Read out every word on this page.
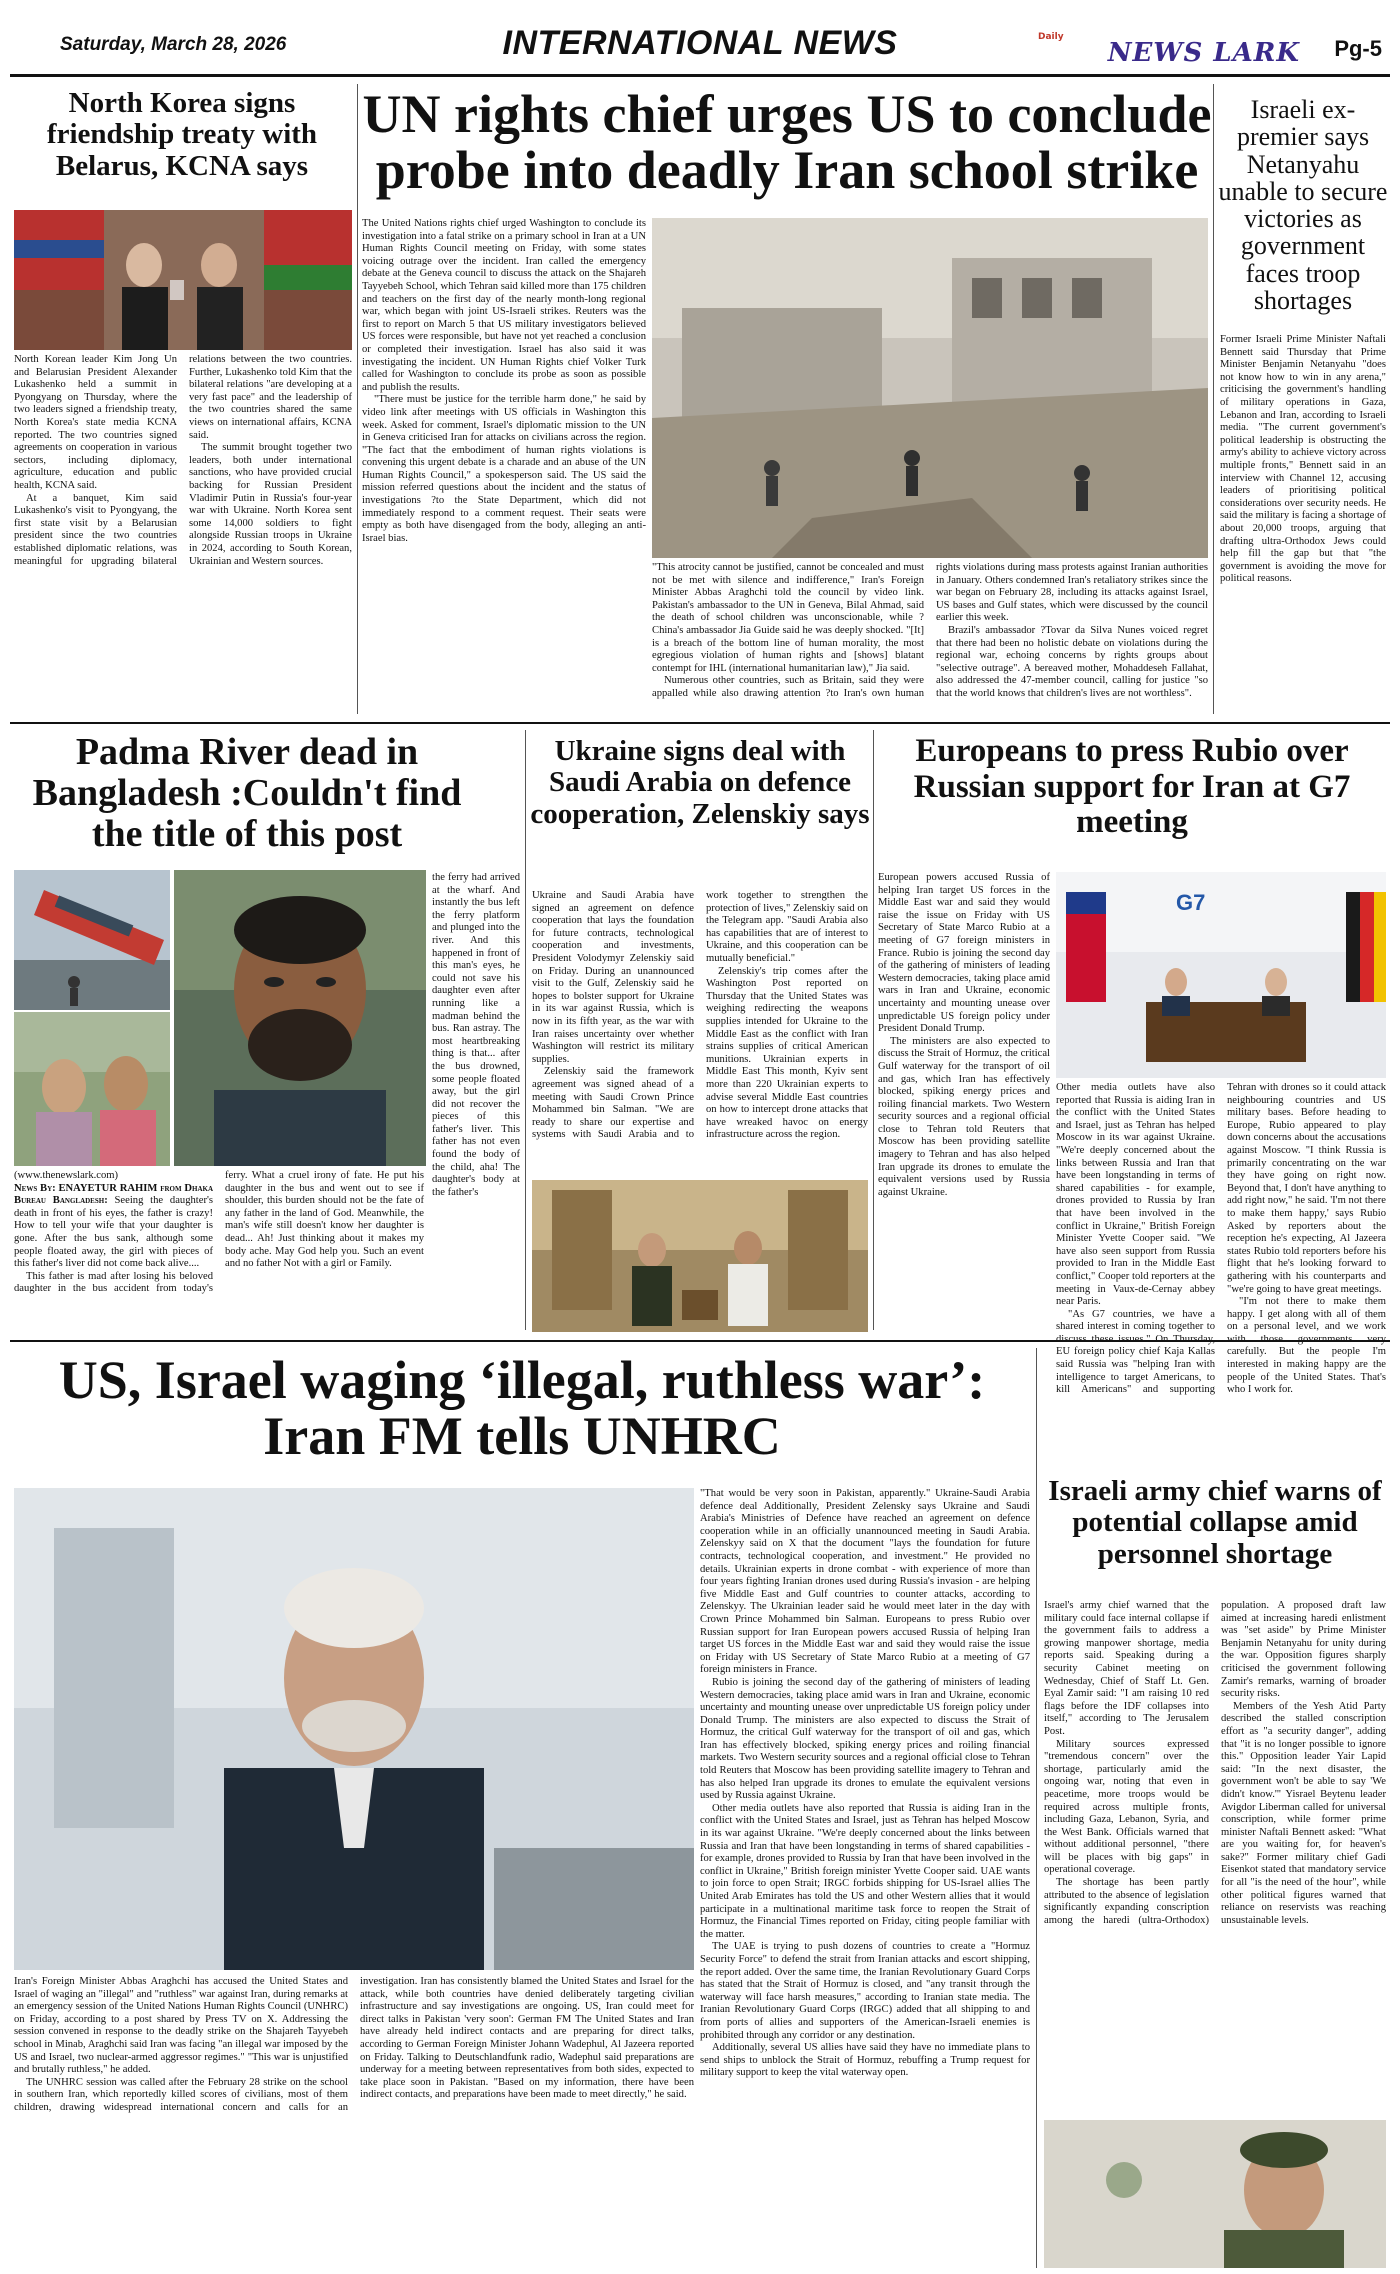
Saturday, March 28, 2026	INTERNATIONAL NEWS	Daily
NEWS LARK	Pg-5
North Korea signs friendship treaty with Belarus, KCNA says

North Korean leader Kim Jong Un and Belarusian President Alexander Lukashenko held a summit in Pyongyang on Thursday, where the two leaders signed a friendship treaty, North Korea's state media KCNA reported. The two countries signed agreements on cooperation in various sectors, including diplomacy, agriculture, education and public health, KCNA said.

At a banquet, Kim said Lukashenko's visit to Pyongyang, the first state visit by a Belarusian president since the two countries established diplomatic relations, was meaningful for upgrading bilateral relations between the two countries. Further, Lukashenko told Kim that the bilateral relations "are developing at a very fast pace" and the leadership of the two countries shared the same views on international affairs, KCNA said.

The summit brought together two leaders, both under international sanctions, who have provided crucial backing for Russian President Vladimir Putin in Russia's four-year war with Ukraine. North Korea sent some 14,000 soldiers to fight alongside Russian troops in Ukraine in 2024, according to South Korean, Ukrainian and Western sources.

UN rights chief urges US to conclude probe into deadly Iran school strike

The United Nations rights chief urged Washington to conclude its investigation into a fatal strike on a primary school in Iran at a UN Human Rights Council meeting on Friday, with some states voicing outrage over the incident. Iran called the emergency debate at the Geneva council to discuss the attack on the Shajareh Tayyebeh School, which Tehran said killed more than 175 children and teachers on the first day of the nearly month-long regional war, which began with joint US-Israeli strikes. Reuters was the first to report on March 5 that US military investigators believed US forces were responsible, but have not yet reached a conclusion or completed their investigation. Israel has also said it was investigating the incident. UN Human Rights chief Volker Turk called for Washington to conclude its probe as soon as possible and publish the results.

"There must be justice for the terrible harm done," he said by video link after meetings with US officials in Washington this week. Asked for comment, Israel's diplomatic mission to the UN in Geneva criticised Iran for attacks on civilians across the region. "The fact that the embodiment of human rights violations is convening this urgent debate is a charade and an abuse of the UN Human Rights Council," a spokesperson said. The US said the mission referred questions about the incident and the status of investigations ?to the State Department, which did not immediately respond to a comment request. Their seats were empty as both have disengaged from the body, alleging an anti-Israel bias.

"This atrocity cannot be justified, cannot be concealed and must not be met with silence and indifference," Iran's Foreign Minister Abbas Araghchi told the council by video link. Pakistan's ambassador to the UN in Geneva, Bilal Ahmad, said the death of school children was unconscionable, while ?China's ambassador Jia Guide said he was deeply shocked. "[It] is a breach of the bottom line of human morality, the most egregious violation of human rights and [shows] blatant contempt for IHL (international humanitarian law)," Jia said.

Numerous other countries, such as Britain, said they were appalled while also drawing attention ?to Iran's own human rights violations during mass protests against Iranian authorities in January. Others condemned Iran's retaliatory strikes since the war began on February 28, including its attacks against Israel, US bases and Gulf states, which were discussed by the council earlier this week.

Brazil's ambassador ?Tovar da Silva Nunes voiced regret that there had been no holistic debate on violations during the regional war, echoing concerns by rights groups about "selective outrage". A bereaved mother, Mohaddeseh Fallahat, also addressed the 47-member council, calling for justice "so that the world knows that children's lives are not worthless".

Israeli ex-premier says Netanyahu unable to secure victories as government faces troop shortages

Former Israeli Prime Minister Naftali Bennett said Thursday that Prime Minister Benjamin Netanyahu "does not know how to win in any arena," criticising the government's handling of military operations in Gaza, Lebanon and Iran, according to Israeli media. "The current government's political leadership is obstructing the army's ability to achieve victory across multiple fronts," Bennett said in an interview with Channel 12, accusing leaders of prioritising political considerations over security needs. He said the military is facing a shortage of about 20,000 troops, arguing that drafting ultra-Orthodox Jews could help fill the gap but that "the government is avoiding the move for political reasons.

Padma River dead in Bangladesh :Couldn't find the title of this post

the ferry had arrived at the wharf. And instantly the bus left the ferry platform and plunged into the river. And this happened in front of this man's eyes, he could not save his daughter even after running like a madman behind the bus. Ran astray. The most heartbreaking thing is that... after the bus drowned, some people floated away, but the girl did not recover the pieces of this father's liver. This father has not even found the body of the child, aha! The daughter's body at the father's

(www.thenewslark.com)

News By: ENAYETUR RAHIM from Dhaka Bureau Bangladesh: Seeing the daughter's death in front of his eyes, the father is crazy! How to tell your wife that your daughter is gone. After the bus sank, although some people floated away, the girl with pieces of this father's liver did not come back alive....

This father is mad after losing his beloved daughter in the bus accident from today's ferry. What a cruel irony of fate. He put his daughter in the bus and went out to see if shoulder, this burden should not be the fate of any father in the land of God. Meanwhile, the man's wife still doesn't know her daughter is dead... Ah! Just thinking about it makes my body ache. May God help you. Such an event and no father Not with a girl or Family.

Ukraine signs deal with Saudi Arabia on defence cooperation, Zelenskiy says

Ukraine and Saudi Arabia have signed an agreement on defence cooperation that lays the foundation for future contracts, technological cooperation and investments, President Volodymyr Zelenskiy said on Friday. During an unannounced visit to the Gulf, Zelenskiy said he hopes to bolster support for Ukraine in its war against Russia, which is now in its fifth year, as the war with Iran raises uncertainty over whether Washington will restrict its military supplies.

Zelenskiy said the framework agreement was signed ahead of a meeting with Saudi Crown Prince Mohammed bin Salman. "We are ready to share our expertise and systems with Saudi Arabia and to work together to strengthen the protection of lives," Zelenskiy said on the Telegram app. "Saudi Arabia also has capabilities that are of interest to Ukraine, and this cooperation can be mutually beneficial."

Zelenskiy's trip comes after the Washington Post reported on Thursday that the United States was weighing redirecting the weapons supplies intended for Ukraine to the Middle East as the conflict with Iran strains supplies of critical American munitions. Ukrainian experts in Middle East This month, Kyiv sent more than 220 Ukrainian experts to advise several Middle East countries on how to intercept drone attacks that have wreaked havoc on energy infrastructure across the region.

Europeans to press Rubio over Russian support for Iran at G7 meeting

European powers accused Russia of helping Iran target US forces in the Middle East war and said they would raise the issue on Friday with US Secretary of State Marco Rubio at a meeting of G7 foreign ministers in France. Rubio is joining the second day of the gathering of ministers of leading Western democracies, taking place amid wars in Iran and Ukraine, economic uncertainty and mounting unease over unpredictable US foreign policy under President Donald Trump.

The ministers are also expected to discuss the Strait of Hormuz, the critical Gulf waterway for the transport of oil and gas, which Iran has effectively blocked, spiking energy prices and roiling financial markets. Two Western security sources and a regional official close to Tehran told Reuters that Moscow has been providing satellite imagery to Tehran and has also helped Iran upgrade its drones to emulate the equivalent versions used by Russia against Ukraine.

G7

Other media outlets have also reported that Russia is aiding Iran in the conflict with the United States and Israel, just as Tehran has helped Moscow in its war against Ukraine. "We're deeply concerned about the links between Russia and Iran that have been longstanding in terms of shared capabilities - for example, drones provided to Russia by Iran that have been involved in the conflict in Ukraine," British Foreign Minister Yvette Cooper said. "We have also seen support from Russia provided to Iran in the Middle East conflict," Cooper told reporters at the meeting in Vaux-de-Cernay abbey near Paris.

"As G7 countries, we have a shared interest in coming together to EU foreign policy chief Kaja Kallas said Russia was "helping Iran with intelligence to target Americans, to kill Americans" and supporting Tehran with drones so it could attack neighbouring countries and US military bases. Before heading to Europe, Rubio appeared to play down concerns about the accusations against Moscow. "I think Russia is primarily concentrating on the war they have going on right now. Beyond that, I don't have anything to add right now," he said. 'I'm not there to make them happy,' says Rubio Asked by reporters about the reception he's expecting, Al Jazeera states Rubio told reporters before his flight that he's looking forward to gathering with his counterparts and "we're going to have great meetings.

"I'm not there to make them happy. I get along with all of them on a personal level, and we work carefully. But the people I'm interested in making happy are the people of the United States. That's who I work for.

US, Israel waging ‘illegal, ruthless war’: Iran FM tells UNHRC

Iran's Foreign Minister Abbas Araghchi has accused the United States and Israel of waging an "illegal" and "ruthless" war against Iran, during remarks at an emergency session of the United Nations Human Rights Council (UNHRC) on Friday, according to a post shared by Press TV on X. Addressing the session convened in response to the deadly strike on the Shajareh Tayyebeh school in Minab, Araghchi said Iran was facing "an illegal war imposed by the US and Israel, two nuclear-armed aggressor regimes." "This war is unjustified and brutally ruthless," he added.

The UNHRC session was called after the February 28 strike on the school in southern Iran, which reportedly killed scores of civilians, most of them children, drawing widespread international concern and calls for an investigation. Iran has consistently blamed the United States and Israel for the attack, while both countries have denied deliberately targeting civilian infrastructure and say investigations are ongoing. US, Iran could meet for direct talks in Pakistan 'very soon': German FM The United States and Iran have already held indirect contacts and are preparing for direct talks, according to German Foreign Minister Johann Wadephul, Al Jazeera reported on Friday. Talking to Deutschlandfunk radio, Wadephul said preparations are underway for a meeting between representatives from both sides, expected to take place soon in Pakistan. "Based on my information, there have been indirect contacts, and preparations have been made to meet directly," he said.

"That would be very soon in Pakistan, apparently." Ukraine-Saudi Arabia defence deal Additionally, President Zelensky says Ukraine and Saudi Arabia's Ministries of Defence have reached an agreement on defence cooperation while in an officially unannounced meeting in Saudi Arabia. Zelenskyy said on X that the document "lays the foundation for future contracts, technological cooperation, and investment." He provided no details. Ukrainian experts in drone combat - with experience of more than four years fighting Iranian drones used during Russia's invasion - are helping five Middle East and Gulf countries to counter attacks, according to Zelenskyy. The Ukrainian leader said he would meet later in the day with Crown Prince Mohammed bin Salman. Europeans to press Rubio over Russian support for Iran European powers accused Russia of helping Iran target US forces in the Middle East war and said they would raise the issue on Friday with US Secretary of State Marco Rubio at a meeting of G7 foreign ministers in France.

Rubio is joining the second day of the gathering of ministers of leading Western democracies, taking place amid wars in Iran and Ukraine, economic uncertainty and mounting unease over unpredictable US foreign policy under Donald Trump. The ministers are also expected to discuss the Strait of Hormuz, the critical Gulf waterway for the transport of oil and gas, which Iran has effectively blocked, spiking energy prices and roiling financial markets. Two Western security sources and a regional official close to Tehran told Reuters that Moscow has been providing satellite imagery to Tehran and has also helped Iran upgrade its drones to emulate the equivalent versions used by Russia against Ukraine.

Other media outlets have also reported that Russia is aiding Iran in the conflict with the United States and Israel, just as Tehran has helped Moscow in its war against Ukraine. "We're deeply concerned about the links between Russia and Iran that have been longstanding in terms of shared capabilities - for example, drones provided to Russia by Iran that have been involved in the conflict in Ukraine," British foreign minister Yvette Cooper said. UAE wants to join force to open Strait; IRGC forbids shipping for US-Israel allies The United Arab Emirates has told the US and other Western allies that it would participate in a multinational maritime task force to reopen the Strait of Hormuz, the Financial Times reported on Friday, citing people familiar with the matter.

The UAE is trying to push dozens of countries to create a "Hormuz Security Force" to defend the strait from Iranian attacks and escort shipping, the report added. Over the same time, the Iranian Revolutionary Guard Corps has stated that the Strait of Hormuz is closed, and "any transit through the waterway will face harsh measures," according to Iranian state media. The Iranian Revolutionary Guard Corps (IRGC) added that all shipping to and from ports of allies and supporters of the American-Israeli enemies is prohibited through any corridor or any destination.

Additionally, several US allies have said they have no immediate plans to send ships to unblock the Strait of Hormuz, rebuffing a Trump request for military support to keep the vital waterway open.

Israeli army chief warns of potential collapse amid personnel shortage

Israel's army chief warned that the military could face internal collapse if the government fails to address a growing manpower shortage, media reports said. Speaking during a security Cabinet meeting on Wednesday, Chief of Staff Lt. Gen. Eyal Zamir said: "I am raising 10 red flags before the IDF collapses into itself," according to The Jerusalem Post.

Military sources expressed "tremendous concern" over the shortage, particularly amid the ongoing war, noting that even in peacetime, more troops would be required across multiple fronts, including Gaza, Lebanon, Syria, and the West Bank. Officials warned that without additional personnel, "there will be places with big gaps" in operational coverage.

The shortage has been partly attributed to the absence of legislation significantly expanding conscription among the haredi (ultra-Orthodox) population. A proposed draft law aimed at increasing haredi enlistment was "set aside" by Prime Minister Benjamin Netanyahu for unity during the war. Opposition figures sharply criticised the government following Zamir's remarks, warning of broader security risks.

Members of the Yesh Atid Party described the stalled conscription effort as "a security danger", adding that "it is no longer possible to ignore this." Opposition leader Yair Lapid said: "In the next disaster, the government won't be able to say 'We didn't know.'" Yisrael Beytenu leader Avigdor Liberman called for universal conscription, while former prime minister Naftali Bennett asked: "What are you waiting for, for heaven's sake?" Former military chief Gadi Eisenkot stated that mandatory service for all "is the need of the hour", while other political figures warned that reliance on reservists was reaching unsustainable levels.
